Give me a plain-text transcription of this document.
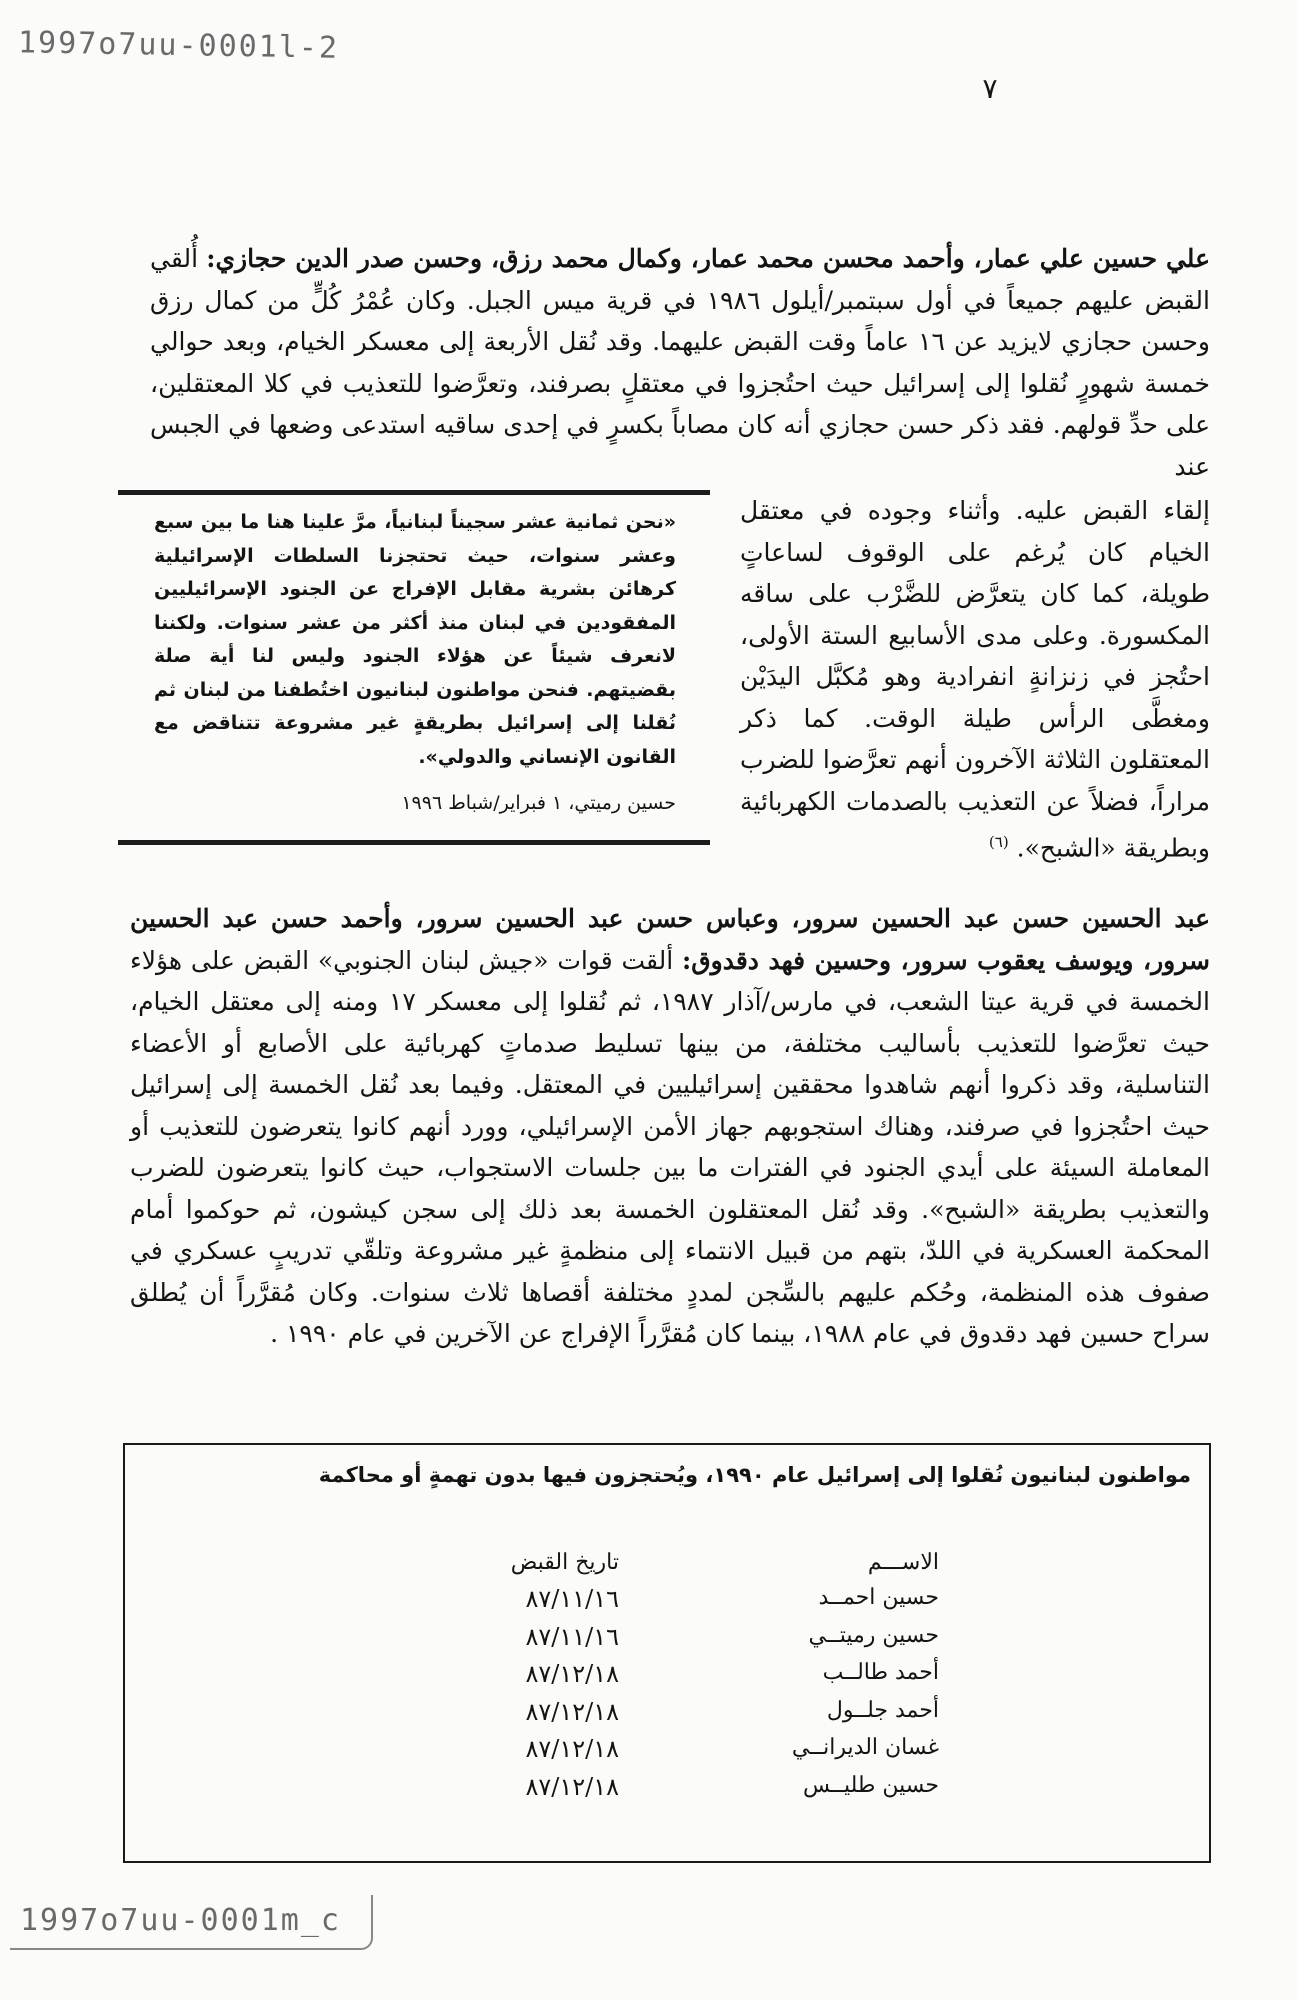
1997o7uu-0001l-2
٧
علي حسين علي عمار، وأحمد محسن محمد عمار، وكمال محمد رزق، وحسن صدر الدين حجازي: أُلقي القبض عليهم جميعاً في أول سبتمبر/أيلول ١٩٨٦ في قرية ميس الجبل. وكان عُمْرُ كُلٍّ من كمال رزق وحسن حجازي لايزيد عن ١٦ عاماً وقت القبض عليهما. وقد نُقل الأربعة إلى معسكر الخيام، وبعد حوالي خمسة شهورٍ نُقلوا إلى إسرائيل حيث احتُجزوا في معتقلٍ بصرفند، وتعرَّضوا للتعذيب في كلا المعتقلين، على حدِّ قولهم. فقد ذكر حسن حجازي أنه كان مصاباً بكسرٍ في إحدى ساقيه استدعى وضعها في الجبس عند
إلقاء القبض عليه. وأثناء وجوده في معتقل الخيام كان يُرغم على الوقوف لساعاتٍ طويلة، كما كان يتعرَّض للضَّرْب على ساقه المكسورة. وعلى مدى الأسابيع الستة الأولى، احتُجز في زنزانةٍ انفرادية وهو مُكبَّل اليدَيْن ومغطَّى الرأس طيلة الوقت. كما ذكر المعتقلون الثلاثة الآخرون أنهم تعرَّضوا للضرب مراراً، فضلاً عن التعذيب بالصدمات الكهربائية وبطريقة «الشبح». $^{(٦)}$
«نحن ثمانية عشر سجيناً لبنانياً، مرَّ علينا هنا ما بين سبع وعشر سنوات، حيث تحتجزنا السلطات الإسرائيلية كرهائن بشرية مقابل الإفراج عن الجنود الإسرائيليين المفقودين في لبنان منذ أكثر من عشر سنوات. ولكننا لانعرف شيئاً عن هؤلاء الجنود وليس لنا أية صلة بقضيتهم. فنحن مواطنون لبنانيون اختُطفنا من لبنان ثم نُقلنا إلى إسرائيل بطريقةٍ غير مشروعة تتناقض مع القانون الإنساني والدولي».
حسين رميتي، ١ فبراير/شباط ١٩٩٦
عبد الحسين حسن عبد الحسين سرور، وعباس حسن عبد الحسين سرور، وأحمد حسن عبد الحسين سرور، ويوسف يعقوب سرور، وحسين فهد دقدوق: ألقت قوات «جيش لبنان الجنوبي» القبض على هؤلاء الخمسة في قرية عيتا الشعب، في مارس/آذار ١٩٨٧، ثم نُقلوا إلى معسكر ١٧ ومنه إلى معتقل الخيام، حيث تعرَّضوا للتعذيب بأساليب مختلفة، من بينها تسليط صدماتٍ كهربائية على الأصابع أو الأعضاء التناسلية، وقد ذكروا أنهم شاهدوا محققين إسرائيليين في المعتقل. وفيما بعد نُقل الخمسة إلى إسرائيل حيث احتُجزوا في صرفند، وهناك استجوبهم جهاز الأمن الإسرائيلي، وورد أنهم كانوا يتعرضون للتعذيب أو المعاملة السيئة على أيدي الجنود في الفترات ما بين جلسات الاستجواب، حيث كانوا يتعرضون للضرب والتعذيب بطريقة «الشبح». وقد نُقل المعتقلون الخمسة بعد ذلك إلى سجن كيشون، ثم حوكموا أمام المحكمة العسكرية في اللدّ، بتهم من قبيل الانتماء إلى منظمةٍ غير مشروعة وتلقّي تدريبٍ عسكري في صفوف هذه المنظمة، وحُكم عليهم بالسِّجن لمددٍ مختلفة أقصاها ثلاث سنوات. وكان مُقرَّراً أن يُطلق سراح حسين فهد دقدوق في عام ١٩٨٨، بينما كان مُقرَّراً الإفراج عن الآخرين في عام ١٩٩٠ .
مواطنون لبنانيون نُقلوا إلى إسرائيل عام ١٩٩٠، ويُحتجزون فيها بدون تهمةٍ أو محاكمة
الاســـم
تاريخ القبض
حسين احمــد
٨٧/١١/١٦
حسين رميتــي
٨٧/١١/١٦
أحمد طالــب
٨٧/١٢/١٨
أحمد جلــول
٨٧/١٢/١٨
غسان الديرانــي
٨٧/١٢/١٨
حسين طليــس
٨٧/١٢/١٨
1997o7uu-0001m_c
